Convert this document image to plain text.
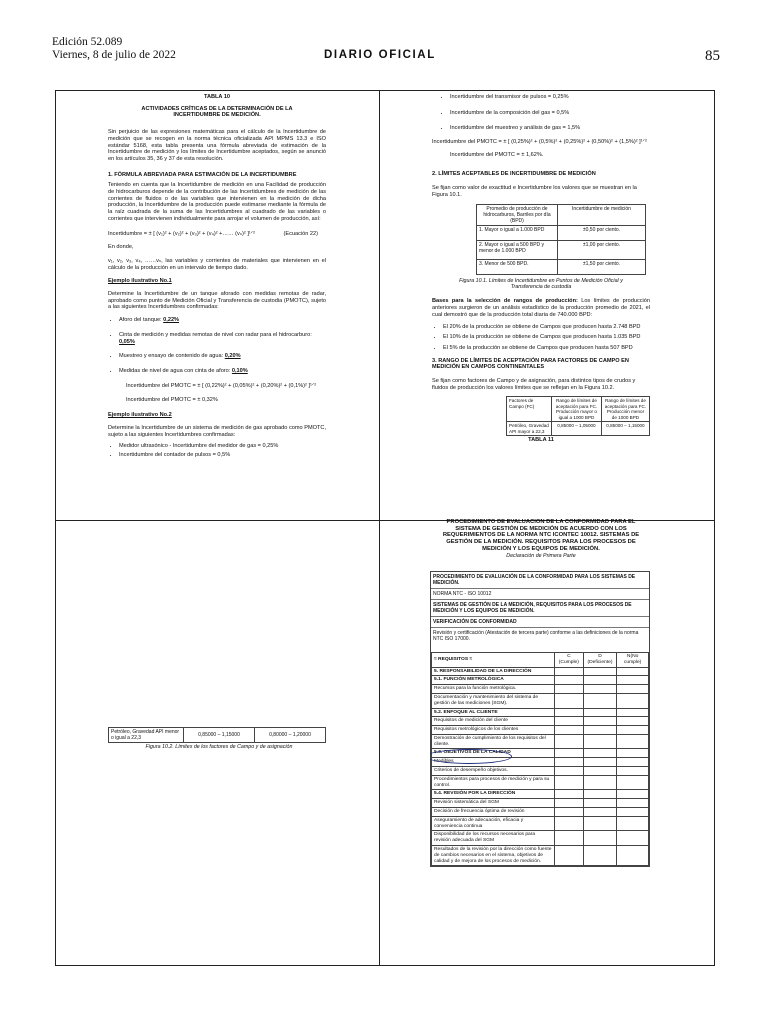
Edición 52.089
Viernes, 8 de julio de 2022	DIARIO OFICIAL	85
TABLA 10
ACTIVIDADES CRÍTICAS DE LA DETERMINACIÓN DE LA INCERTIDUMBRE DE MEDICIÓN.

Sin perjuicio de las expresiones matemáticas para el cálculo de la Incertidumbre de medición que se recogen en la norma técnica oficializada API MPMS 13.3 e ISO estándar 5168, esta tabla presenta una fórmula abreviada de estimación de la Incertidumbre de medición y los límites de Incertidumbre aceptados, según se anunció en los artículos 35, 36 y 37 de esta resolución.

1. FÓRMULA ABREVIADA PARA ESTIMACIÓN DE LA INCERTIDUMBRE

Teniendo en cuenta que la Incertidumbre de medición en una Facilidad de producción de hidrocarburos depende de la contribución de las Incertidumbres de medición de las corrientes de fluidos o de las variables que intervienen en la medición de dicha producción, la Incertidumbre de la producción puede estimarse mediante la fórmula de la raíz cuadrada de la suma de las Incertidumbres al cuadrado de las variables o corrientes que intervienen individualmente para arrojar el volumen de producción, así:

Incertidumbre = ± [ (v₁)² + (v₂)² + (v₃)² + (v₄)² +…… (vₙ)² ]¹ᐟ²	(Ecuación 22)

En donde,

v₁, v₂, v₃, v₄, ……vₙ, las variables y corrientes de materiales que intervienen en el cálculo de la producción en un intervalo de tiempo dado.

Ejemplo ilustrativo No.1

Determine la Incertidumbre de un tanque aforado con medidas remotas de radar, aprobado como punto de Medición Oficial y Transferencia de custodia (PMOTC), sujeto a las siguientes Incertidumbres confirmadas:

• Aforo del tanque: 0,22%
• Cinta de medición y medidas remotas de nivel con radar para el hidrocarburo: 0,05%
• Muestreo y ensayo de contenido de agua: 0,20%
• Medidas de nivel de agua con cinta de aforo: 0,10%

Incertidumbre del PMOTC = ± [ (0,22%)² + (0,05%)² + (0,20%)² + (0,1%)² ]¹ᐟ²

Incertidumbre del PMOTC = ± 0,32%

Ejemplo ilustrativo No.2

Determine la Incertidumbre de un sistema de medición de gas aprobado como PMOTC, sujeto a las siguientes Incertidumbres confirmadas:

• Medidor ultrasónico - Incertidumbre del medidor de gas = 0,25%
• Incertidumbre del contador de pulsos = 0,5%
• Incertidumbre del transmisor de pulsos = 0,25%
• Incertidumbre de la composición del gas = 0,5%
• Incertidumbre del muestreo y análisis de gas = 1,5%

Incertidumbre del PMOTC = ± [ (0,25%)² + (0,5%)² + (0,25%)² + (0,50%)² + (1,5%)² ]¹ᐟ²

Incertidumbre del PMOTC = ± 1,62%.

2. LÍMITES ACEPTABLES DE INCERTIDUMBRE DE MEDICIÓN

Se fijan como valor de exactitud e Incertidumbre los valores que se muestran en la Figura 10.1.

Promedio de producción de hidrocarburos, Barriles por día (BPD)	Incertidumbre de medición
1. Mayor o igual a 1.000 BPD	±0,50 por ciento.
2. Mayor o igual a 500 BPD y menor de 1.000 BPD	±1,00 por ciento.
3. Menor de 500 BPD.	±1,50 por ciento.
Figura 10.1. Límites de Incertidumbre en Puntos de Medición Oficial y Transferencia de custodia

Bases para la selección de rangos de producción: Los límites de producción anteriores surgieron de un análisis estadístico de la producción promedio de 2021, el cual demostró que de la producción total diaria de 740.000 BPD:

• El 20% de la producción se obtiene de Campos que producen hasta 2.748 BPD
• El 10% de la producción se obtiene de Campos que producen hasta 1.035 BPD
• El 5% de la producción se obtiene de Campos que producen hasta 507 BPD
3. RANGO DE LÍMITES DE ACEPTACIÓN PARA FACTORES DE CAMPO EN MEDICIÓN EN CAMPOS CONTINENTALES

Se fijan como factores de Campo y de asignación, para distintos tipos de crudos y fluidos de producción los valores límites que se reflejan en la Figura 10.2.

Factores de Campo (FC)	Rango de límites de aceptación para FC. Producción mayor o igual a 1000 BPD	Rango de límites de aceptación para FC. Producción menor de 1000 BPD
Petróleo, Gravedad API mayor a 22,3	0,85000 – 1,05000	0,85000 – 1,15000
TABLA 11
Petróleo, Gravedad API menor o igual a 22,3	0,85000 – 1,15000	0,80000 – 1,20000
Figura 10.2. Límites de los factores de Campo y de asignación
PROCEDIMIENTO DE EVALUACIÓN DE LA CONFORMIDAD PARA EL SISTEMA DE GESTIÓN DE MEDICIÓN DE ACUERDO CON LOS REQUERIMIENTOS DE LA NORMA NTC ICONTEC 10012. SISTEMAS DE GESTIÓN DE LA MEDICIÓN. REQUISITOS PARA LOS PROCESOS DE MEDICIÓN Y LOS EQUIPOS DE MEDICIÓN.
Declaración de Primera Parte
PROCEDIMIENTO DE EVALUACIÓN DE LA CONFORMIDAD PARA LOS SISTEMAS DE MEDICIÓN.
NORMA NTC - ISO 10012
SISTEMAS DE GESTIÓN DE LA MEDICIÓN, REQUISITOS PARA LOS PROCESOS DE MEDICIÓN Y LOS EQUIPOS DE MEDICIÓN.
VERIFICACIÓN DE CONFORMIDAD
Revisión y certificación (Atestación de tercera parte) conforme a las definiciones de la norma NTC ISO 17000.
≈ REQUISITOS ≈	C (Cumple)	D (Deficiente)	N(No cumple)
5. RESPONSABILIDAD DE LA DIRECCIÓN			
5.1. FUNCIÓN METROLÓGICA			
Recursos para la función metrológica.			
Documentación y mantenimiento del sistema de gestión de las mediciones (SGM).			
5.2. ENFOQUE AL CLIENTE			
Requisitos de medición del cliente			
Requisitos metrológicos de los clientes			
Demostración de cumplimiento de los requisitos del cliente.			
5.3. OBJETIVOS DE LA CALIDAD			
Medibles			
Criterios de desempeño objetivos.			
Procedimientos para procesos de medición y para su control.			
5.4. REVISIÓN POR LA DIRECCIÓN			
Revisión sistemática del SGM			
Decisión de frecuencia óptima de revisión			
Aseguramiento de adecuación, eficacia y conveniencia continua			
Disponibilidad de los recursos necesarios para revisión adecuada del SGM			
Resultados de la revisión por la dirección como fuente de cambios necesarios en el sistema, objetivos de calidad y de mejora de los procesos de medición.			
